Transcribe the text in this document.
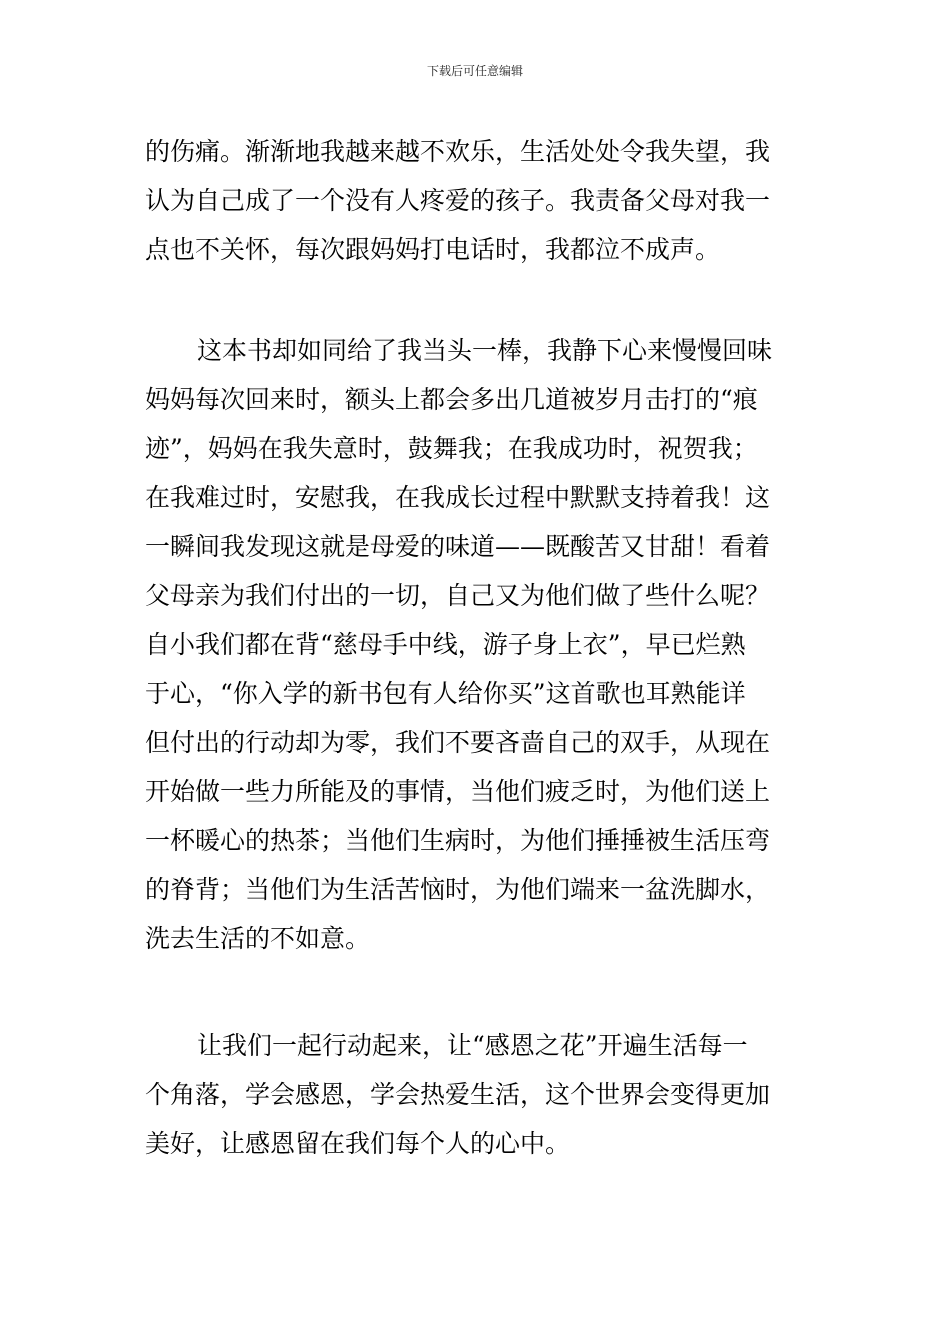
下载后可任意编辑
的伤痛。渐渐地我越来越不欢乐，生活处处令我失望，我
认为自己成了一个没有人疼爱的孩子。我责备父母对我一
点也不关怀，每次跟妈妈打电话时，我都泣不成声。
这本书却如同给了我当头一棒，我静下心来慢慢回味
妈妈每次回来时，额头上都会多出几道被岁月击打的“痕
迹”，妈妈在我失意时，鼓舞我；在我成功时，祝贺我；
在我难过时，安慰我，在我成长过程中默默支持着我！这
一瞬间我发现这就是母爱的味道——既酸苦又甘甜！看着
父母亲为我们付出的一切，自己又为他们做了些什么呢？
自小我们都在背“慈母手中线，游子身上衣”，早已烂熟
于心，“你入学的新书包有人给你买”这首歌也耳熟能详
但付出的行动却为零，我们不要吝啬自己的双手，从现在
开始做一些力所能及的事情，当他们疲乏时，为他们送上
一杯暖心的热茶；当他们生病时，为他们捶捶被生活压弯
的脊背；当他们为生活苦恼时，为他们端来一盆洗脚水，
洗去生活的不如意。
让我们一起行动起来，让“感恩之花”开遍生活每一
个角落，学会感恩，学会热爱生活，这个世界会变得更加
美好，让感恩留在我们每个人的心中。
